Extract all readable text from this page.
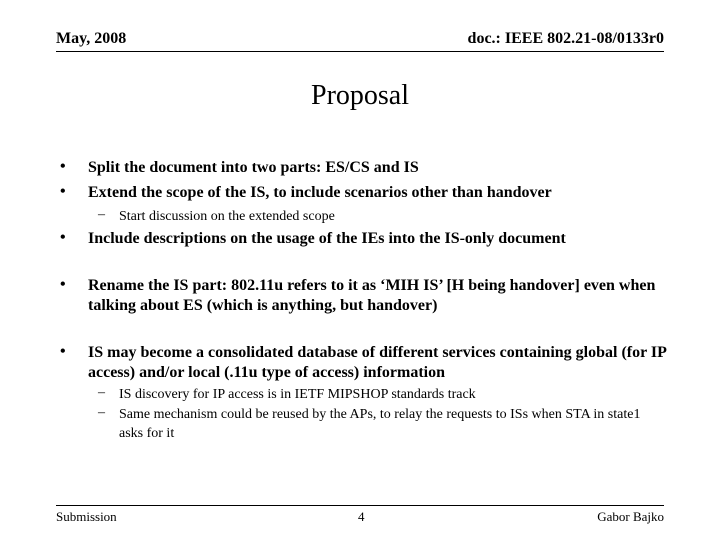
May, 2008	doc.: IEEE 802.21-08/0133r0
Proposal
• Split the document into two parts: ES/CS and IS
• Extend the scope of the IS, to include scenarios other than handover
– Start discussion on the extended scope
• Include descriptions on the usage of the IEs into the IS-only document
• Rename the IS part: 802.11u refers to it as ‘MIH IS’ [H being handover] even when talking about ES (which is anything, but handover)
• IS may become a consolidated database of different services containing global (for IP access) and/or local (.11u type of access) information
– IS discovery for IP access is in IETF MIPSHOP standards track
– Same mechanism could be reused by the APs, to relay the requests to ISs when STA in state1 asks for it
Submission	4	Gabor Bajko
